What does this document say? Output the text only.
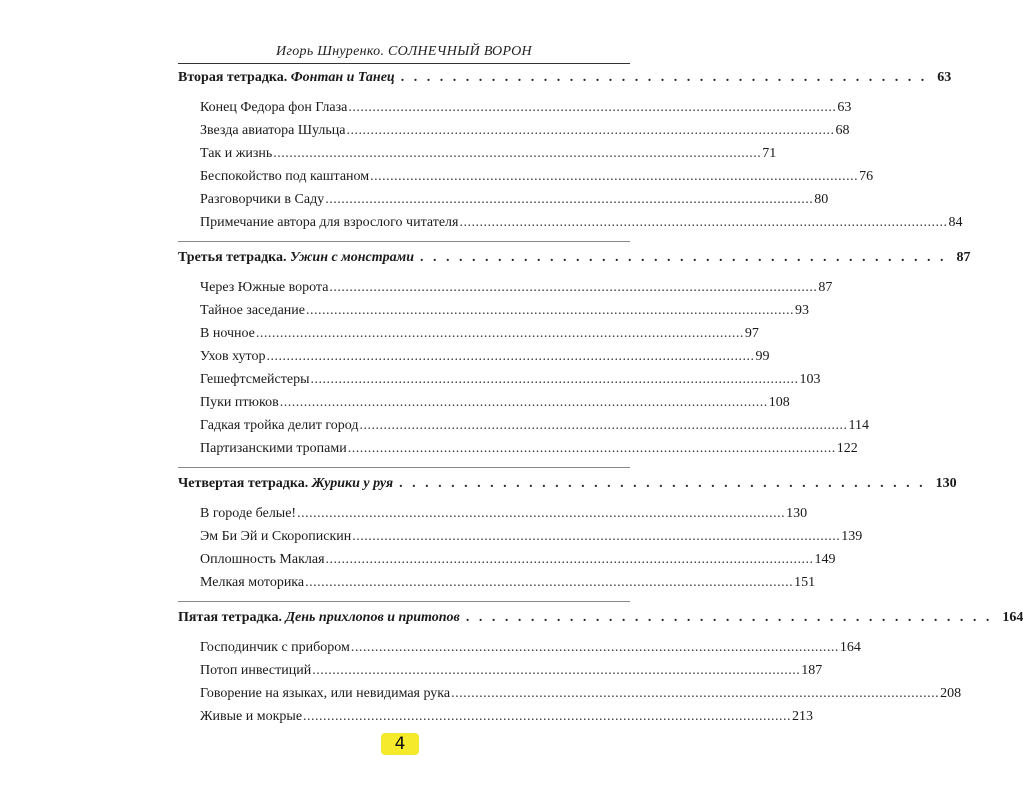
Игорь Шнуренко. СОЛНЕЧНЫЙ ВОРОН
Вторая тетрадка.
Фонтан и Танец . . . . . . . . . . . . . . . . . . . . . . . . . . . . . . . . . . . . . . . . . 63
Конец Федора фон Глаза .......................................................................................................................... 63
Звезда авиатора Шульца .......................................................................................................................... 68
Так и жизнь .......................................................................................................................... 71
Беспокойство под каштаном .......................................................................................................................... 76
Разговорчики в Саду .......................................................................................................................... 80
Примечание автора для взрослого читателя .......................................................................................................................... 84
Третья тетрадка.
Ужин с монстрами . . . . . . . . . . . . . . . . . . . . . . . . . . . . . . . . . . . . . . . . . 87
Через Южные ворота .......................................................................................................................... 87
Тайное заседание .......................................................................................................................... 93
В ночное .......................................................................................................................... 97
Ухов хутор .......................................................................................................................... 99
Гешефтсмейстеры .......................................................................................................................... 103
Пуки птюков .......................................................................................................................... 108
Гадкая тройка делит город .......................................................................................................................... 114
Партизанскими тропами .......................................................................................................................... 122
Четвертая тетрадка.
Журики у руя . . . . . . . . . . . . . . . . . . . . . . . . . . . . . . . . . . . . . . . . . 130
В городе белые! .......................................................................................................................... 130
Эм Би Эй и Скоропискин .......................................................................................................................... 139
Оплошность Маклая .......................................................................................................................... 149
Мелкая моторика .......................................................................................................................... 151
Пятая тетрадка.
День прихлопов и притопов . . . . . . . . . . . . . . . . . . . . . . . . . . . . . . . . . . . . . . . . . 164
Господинчик с прибором .......................................................................................................................... 164
Потоп инвестиций .......................................................................................................................... 187
Говорение на языках, или невидимая рука .......................................................................................................................... 208
Живые и мокрые .......................................................................................................................... 213
4
